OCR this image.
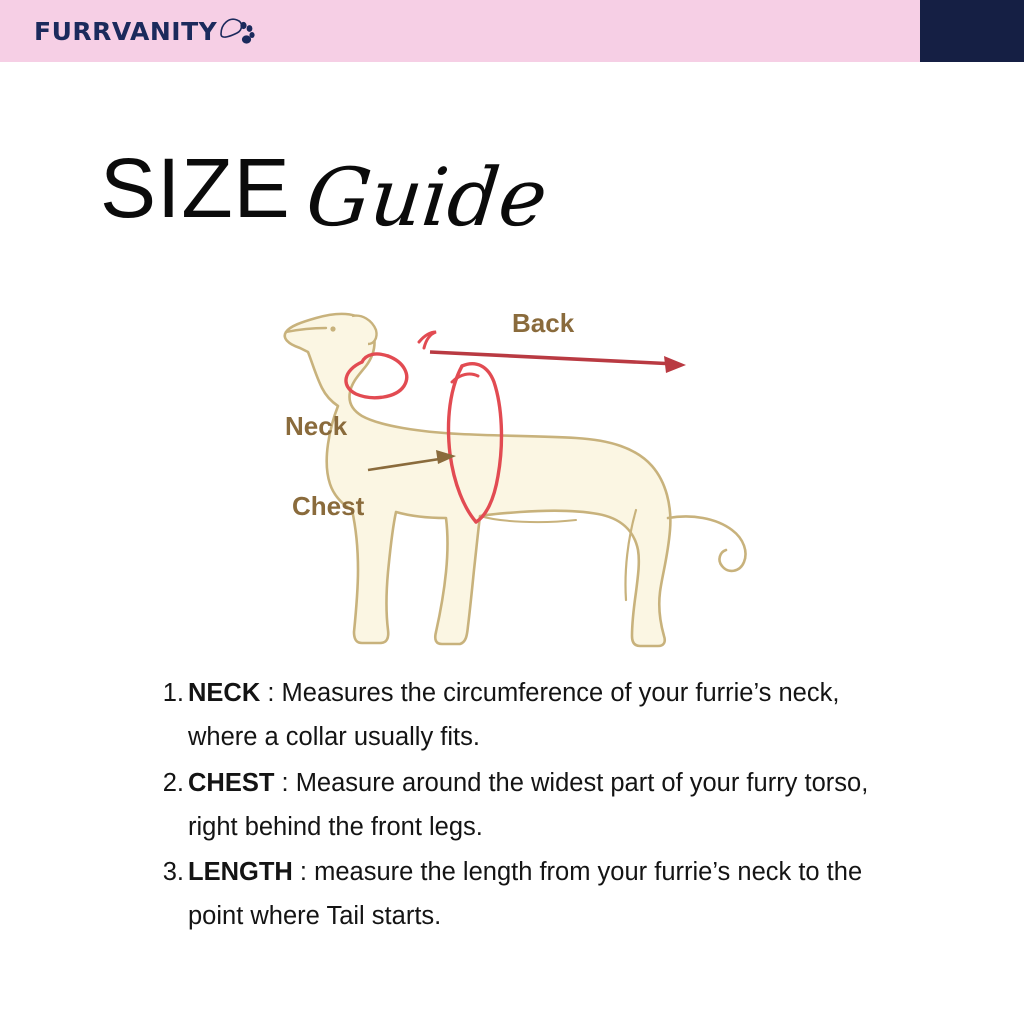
FURRVANITY
SIZE Guide
Back
Neck
Chest
1. NECK : Measures the circumference of your furrie’s neck, where a collar usually fits.
2. CHEST : Measure around the widest part of your furry torso, right behind the front legs.
3. LENGTH : measure the length from your furrie’s neck to the point where Tail starts.
